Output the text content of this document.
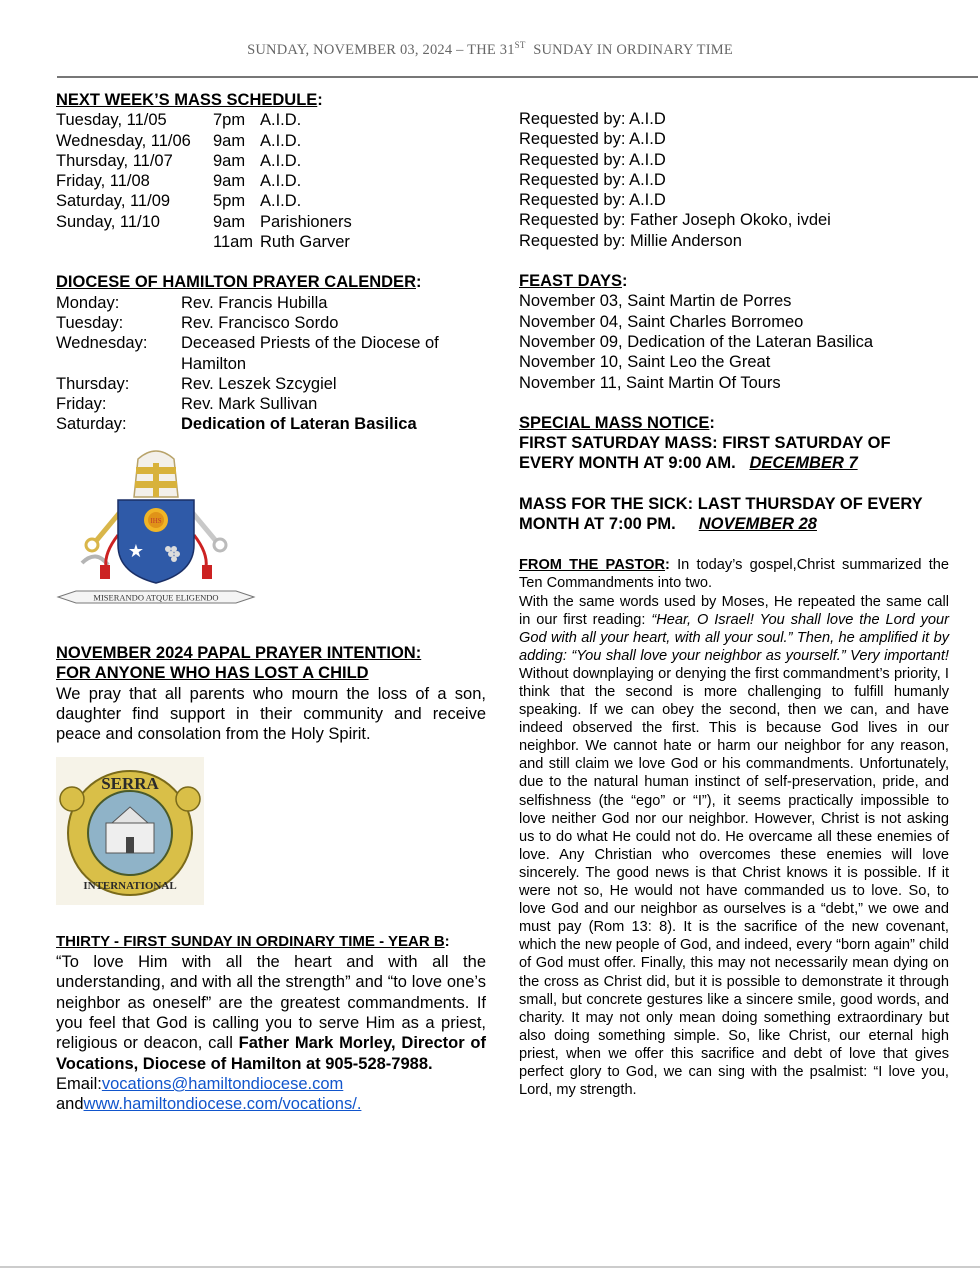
SUNDAY, NOVEMBER 03, 2024 – THE 31ST  SUNDAY IN ORDINARY TIME
NEXT WEEK’S MASS SCHEDULE:
Tuesday, 11/05	7pm A.I.D.
Wednesday, 11/06	9am A.I.D.
Thursday, 11/07	9am A.I.D.
Friday, 11/08	9am A.I.D.
Saturday, 11/09	5pm A.I.D.
Sunday, 11/10	9am Parishioners
11am Ruth Garver
DIOCESE OF HAMILTON PRAYER CALENDER:
Monday:	Rev. Francis Hubilla
Tuesday:	Rev. Francisco Sordo
Wednesday:	Deceased Priests of the Diocese of
Hamilton
Thursday:	Rev. Leszek Szcygiel
Friday:	Rev. Mark Sullivan
Saturday:	Dedication of Lateran Basilica
IHS
★
MISERANDO ATQUE ELIGENDO
NOVEMBER 2024 PAPAL PRAYER INTENTION:
FOR ANYONE WHO HAS LOST A CHILD
We pray that all parents who mourn the loss of a son, daughter find support in their community and receive peace and consolation from the Holy Spirit.
SERRA
INTERNATIONAL
THIRTY - FIRST SUNDAY IN ORDINARY TIME - YEAR B:
“To love Him with all the heart and with all the understanding, and with all the strength” and “to love one’s neighbor as oneself” are the greatest commandments. If you feel that God is calling you to serve Him as a priest, religious or deacon, call Father Mark Morley, Director of Vocations, Diocese of Hamilton at 905-528-7988.
Email:vocations@hamiltondiocese.com
andwww.hamiltondiocese.com/vocations/.
Requested by: A.I.D
Requested by: A.I.D
Requested by: A.I.D
Requested by: A.I.D
Requested by: A.I.D
Requested by: Father Joseph Okoko, ivdei
Requested by: Millie Anderson
FEAST DAYS:
November 03, Saint Martin de Porres
November 04, Saint Charles Borromeo
November 09, Dedication of the Lateran Basilica
November 10, Saint Leo the Great
November 11, Saint Martin Of Tours
SPECIAL MASS NOTICE:
FIRST SATURDAY MASS: FIRST SATURDAY OF EVERY MONTH AT 9:00 AM. DECEMBER 7
MASS FOR THE SICK: LAST THURSDAY OF EVERY MONTH AT 7:00 PM. NOVEMBER 28
FROM THE PASTOR: In today’s gospel,Christ summarized the Ten Commandments into two.
With the same words used by Moses, He repeated the same call in our first reading: “Hear, O Israel! You shall love the Lord your God with all your heart, with all your soul.” Then, he amplified it by adding: “You shall love your neighbor as yourself.” Very important! Without downplaying or denying the first commandment’s priority, I think that the second is more challenging to fulfill humanly speaking. If we can obey the second, then we can, and have indeed observed the first. This is because God lives in our neighbor. We cannot hate or harm our neighbor for any reason, and still claim we love God or his commandments. Unfortunately, due to the natural human instinct of self-preservation, pride, and selfishness (the “ego” or “I”), it seems practically impossible to love neither God nor our neighbor. However, Christ is not asking us to do what He could not do. He overcame all these enemies of love. Any Christian who overcomes these enemies will love sincerely. The good news is that Christ knows it is possible. If it were not so, He would not have commanded us to love. So, to love God and our neighbor as ourselves is a “debt,” we owe and must pay (Rom 13: 8). It is the sacrifice of the new covenant, which the new people of God, and indeed, every “born again” child of God must offer. Finally, this may not necessarily mean dying on the cross as Christ did, but it is possible to demonstrate it through small, but concrete gestures like a sincere smile, good words, and charity. It may not only mean doing something extraordinary but also doing something simple. So, like Christ, our eternal high priest, when we offer this sacrifice and debt of love that gives perfect glory to God, we can sing with the psalmist: “I love you, Lord, my strength.
